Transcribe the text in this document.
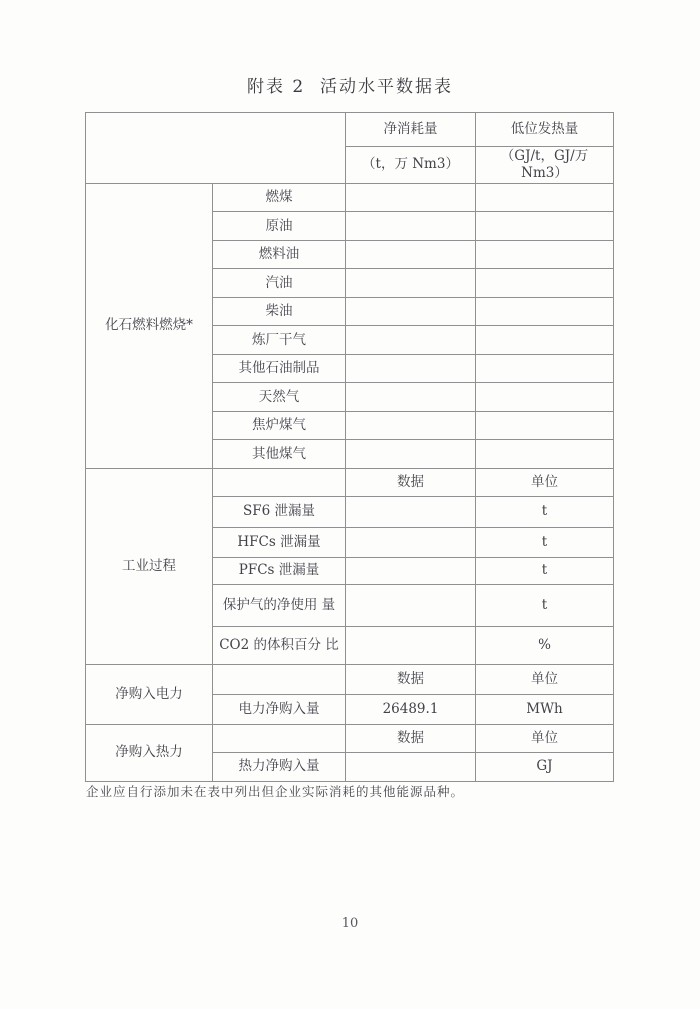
附表 2  活动水平数据表
		净消耗量	低位发热量
		（t，万 Nm3）	（GJ/t，GJ/万 Nm3）
化石燃料燃烧*	燃煤		
	原油		
	燃料油		
	汽油		
	柴油		
	炼厂干气		
	其他石油制品		
	天然气		
	焦炉煤气		
	其他煤气		
工业过程		数据	单位
	SF6 泄漏量		t
	HFCs 泄漏量		t
	PFCs 泄漏量		t
	保护气的净使用 量		t
	CO2 的体积百分 比		%
净购入电力		数据	单位
	电力净购入量	26489.1	MWh
净购入热力		数据	单位
	热力净购入量		GJ
企业应自行添加未在表中列出但企业实际消耗的其他能源品种。
10
